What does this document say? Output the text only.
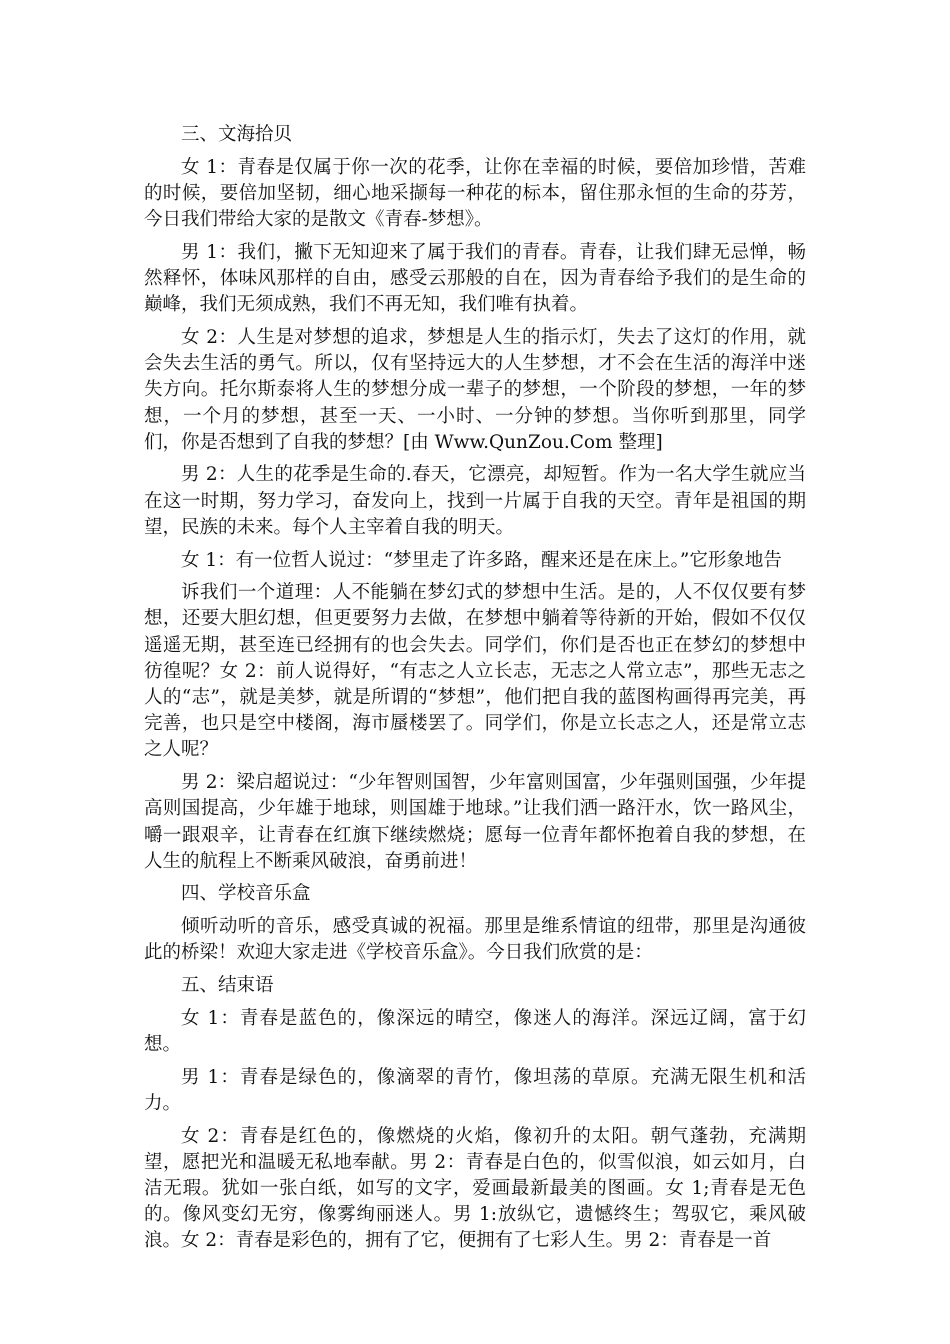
三、文海拾贝

女 1：青春是仅属于你一次的花季，让你在幸福的时候，要倍加珍惜，苦难的时候，要倍加坚韧，细心地采撷每一种花的标本，留住那永恒的生命的芬芳，今日我们带给大家的是散文《青春-梦想》。

男 1：我们，撇下无知迎来了属于我们的青春。青春，让我们肆无忌惮，畅然释怀，体味风那样的自由，感受云那般的自在，因为青春给予我们的是生命的巅峰，我们无须成熟，我们不再无知，我们唯有执着。

女 2：人生是对梦想的追求，梦想是人生的指示灯，失去了这灯的作用，就会失去生活的勇气。所以，仅有坚持远大的人生梦想，才不会在生活的海洋中迷失方向。托尔斯泰将人生的梦想分成一辈子的梦想，一个阶段的梦想，一年的梦想，一个月的梦想，甚至一天、一小时、一分钟的梦想。当你听到那里，同学们，你是否想到了自我的梦想？[由 Www.QunZou.Com 整理]

男 2：人生的花季是生命的.春天，它漂亮，却短暂。作为一名大学生就应当在这一时期，努力学习，奋发向上，找到一片属于自我的天空。青年是祖国的期望，民族的未来。每个人主宰着自我的明天。

女 1：有一位哲人说过：“梦里走了许多路，醒来还是在床上。”它形象地告

诉我们一个道理：人不能躺在梦幻式的梦想中生活。是的，人不仅仅要有梦想，还要大胆幻想，但更要努力去做，在梦想中躺着等待新的开始，假如不仅仅遥遥无期，甚至连已经拥有的也会失去。同学们，你们是否也正在梦幻的梦想中彷徨呢？女 2：前人说得好，“有志之人立长志，无志之人常立志”，那些无志之人的“志”，就是美梦，就是所谓的“梦想”，他们把自我的蓝图构画得再完美，再完善，也只是空中楼阁，海市蜃楼罢了。同学们，你是立长志之人，还是常立志之人呢？

男 2：梁启超说过：“少年智则国智，少年富则国富，少年强则国强，少年提高则国提高，少年雄于地球，则国雄于地球。”让我们洒一路汗水，饮一路风尘，嚼一跟艰辛，让青春在红旗下继续燃烧；愿每一位青年都怀抱着自我的梦想，在人生的航程上不断乘风破浪，奋勇前进！

四、学校音乐盒

倾听动听的音乐，感受真诚的祝福。那里是维系情谊的纽带，那里是沟通彼此的桥梁！欢迎大家走进《学校音乐盒》。今日我们欣赏的是：

五、结束语

女 1：青春是蓝色的，像深远的晴空，像迷人的海洋。深远辽阔，富于幻想。

男 1：青春是绿色的，像滴翠的青竹，像坦荡的草原。充满无限生机和活力。

女 2：青春是红色的，像燃烧的火焰，像初升的太阳。朝气蓬勃，充满期望，愿把光和温暖无私地奉献。男 2：青春是白色的，似雪似浪，如云如月，白洁无瑕。犹如一张白纸，如写的文字，爱画最新最美的图画。女 1;青春是无色的。像风变幻无穷，像雾绚丽迷人。男 1:放纵它，遗憾终生；驾驭它，乘风破浪。女 2：青春是彩色的，拥有了它，便拥有了七彩人生。男 2：青春是一首
